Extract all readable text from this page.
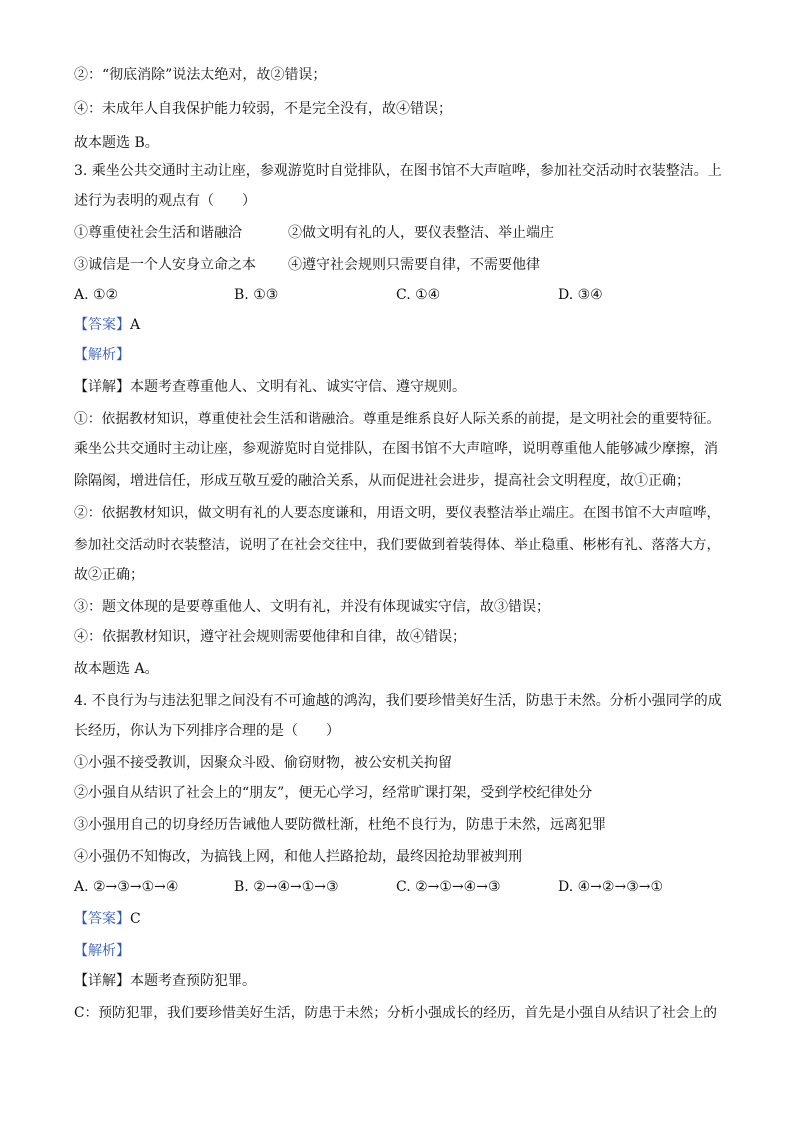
②：“彻底消除”说法太绝对，故②错误；
④：未成年人自我保护能力较弱，不是完全没有，故④错误；
故本题选 B。
3. 乘坐公共交通时主动让座，参观游览时自觉排队，在图书馆不大声喧哗，参加社交活动时衣装整洁。上
述行为表明的观点有（　　）
①尊重使社会生活和谐融洽	②做文明有礼的人，要仪表整洁、举止端庄
③诚信是一个人安身立命之本 ④遵守社会规则只需要自律，不需要他律
A. ①②	B. ①③	C. ①④	D. ③④
【答案】A
【解析】
【详解】本题考查尊重他人、文明有礼、诚实守信、遵守规则。
①：依据教材知识，尊重使社会生活和谐融洽。尊重是维系良好人际关系的前提，是文明社会的重要特征。
乘坐公共交通时主动让座，参观游览时自觉排队，在图书馆不大声喧哗，说明尊重他人能够减少摩擦，消
除隔阂，增进信任，形成互敬互爱的融洽关系，从而促进社会进步，提高社会文明程度，故①正确；
②：依据教材知识，做文明有礼的人要态度谦和，用语文明，要仪表整洁举止端庄。在图书馆不大声喧哗，
参加社交活动时衣装整洁，说明了在社会交往中，我们要做到着装得体、举止稳重、彬彬有礼、落落大方，
故②正确；
③：题文体现的是要尊重他人、文明有礼，并没有体现诚实守信，故③错误；
④：依据教材知识，遵守社会规则需要他律和自律，故④错误；
故本题选 A。
4. 不良行为与违法犯罪之间没有不可逾越的鸿沟，我们要珍惜美好生活，防患于未然。分析小强同学的成
长经历，你认为下列排序合理的是（　　）
①小强不接受教训，因聚众斗殴、偷窃财物，被公安机关拘留
②小强自从结识了社会上的“朋友”，便无心学习，经常旷课打架，受到学校纪律处分
③小强用自己的切身经历告诫他人要防微杜渐，杜绝不良行为，防患于未然，远离犯罪
④小强仍不知悔改，为搞钱上网，和他人拦路抢劫，最终因抢劫罪被判刑
A. ②→③→①→④	B. ②→④→①→③	C. ②→①→④→③	D. ④→②→③→①
【答案】C
【解析】
【详解】本题考查预防犯罪。
C：预防犯罪，我们要珍惜美好生活，防患于未然；分析小强成长的经历，首先是小强自从结识了社会上的
